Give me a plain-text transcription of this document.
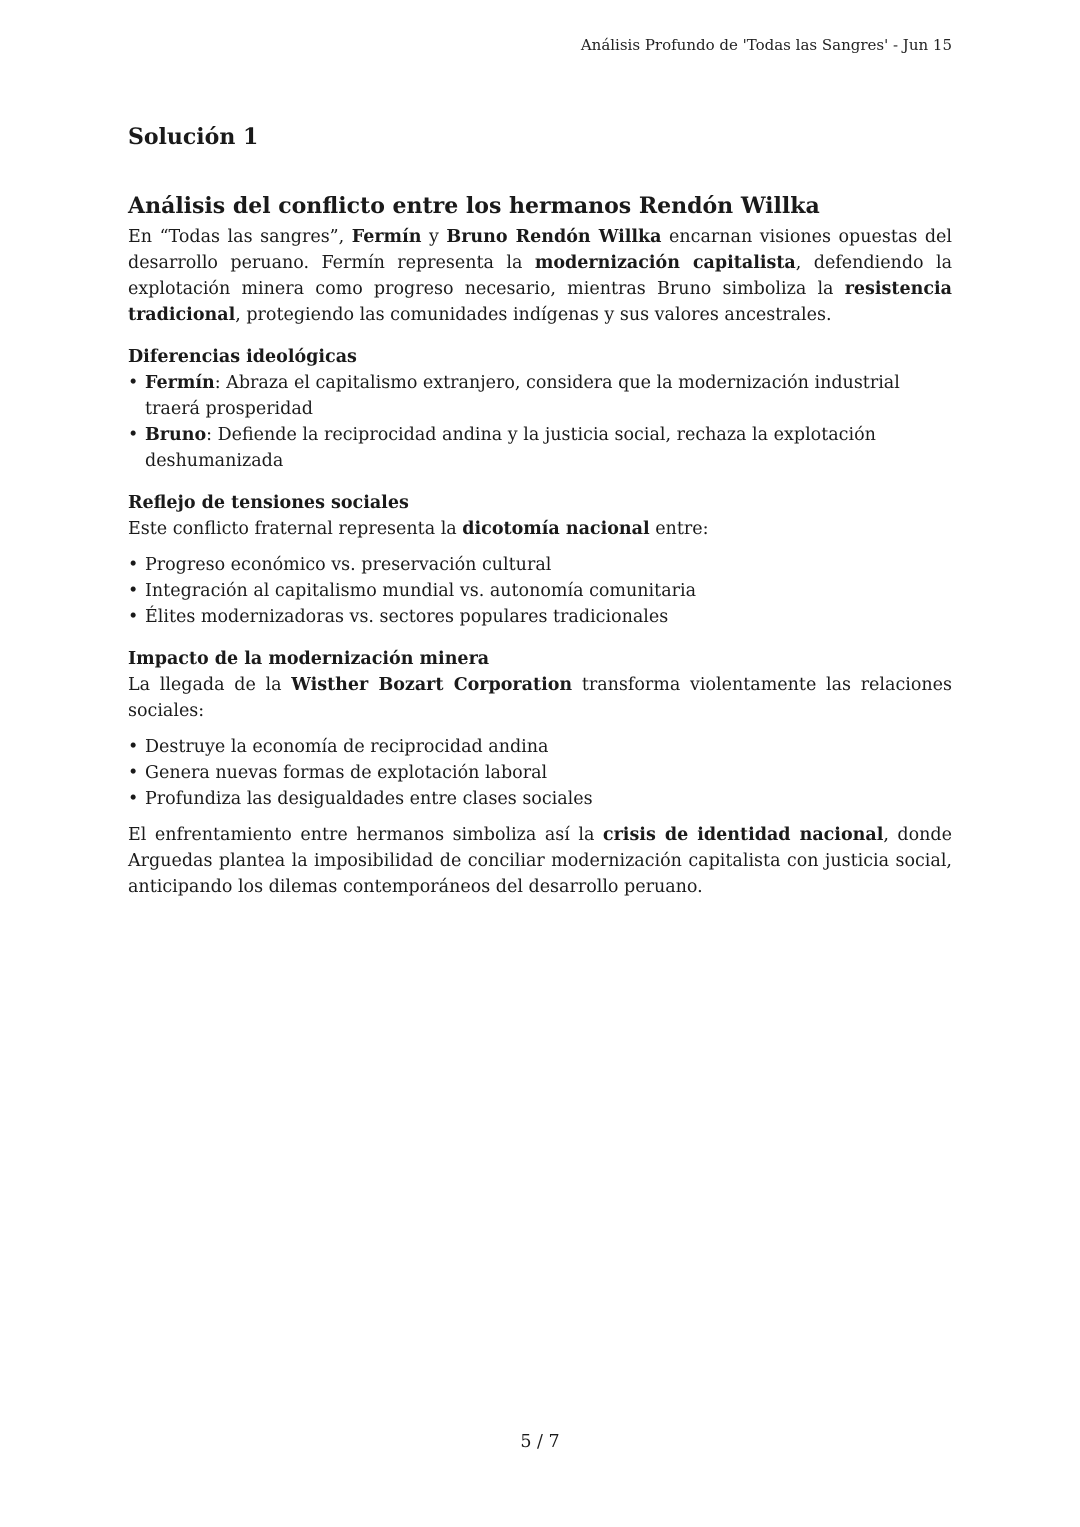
Análisis Profundo de 'Todas las Sangres' - Jun 15
Solución 1
Análisis del conflicto entre los hermanos Rendón Willka

En “Todas las sangres”, Fermín y Bruno Rendón Willka encarnan visiones opuestas del desarrollo peruano. Fermín representa la modernización capitalista, defendiendo la explotación minera como progreso necesario, mientras Bruno simboliza la resistencia tradicional, protegiendo las comunidades indígenas y sus valores ancestrales.

Diferencias ideológicas
• Fermín: Abraza el capitalismo extranjero, considera que la modernización industrial traerá prosperidad
• Bruno: Defiende la reciprocidad andina y la justicia social, rechaza la explotación deshumanizada
Reflejo de tensiones sociales

Este conflicto fraternal representa la dicotomía nacional entre:

• Progreso económico vs. preservación cultural
• Integración al capitalismo mundial vs. autonomía comunitaria
• Élites modernizadoras vs. sectores populares tradicionales
Impacto de la modernización minera

La llegada de la Wisther Bozart Corporation transforma violentamente las relaciones sociales:

• Destruye la economía de reciprocidad andina
• Genera nuevas formas de explotación laboral
• Profundiza las desigualdades entre clases sociales

El enfrentamiento entre hermanos simboliza así la crisis de identidad nacional, donde Arguedas plantea la imposibilidad de conciliar modernización capitalista con justicia social, anticipando los dilemas contemporáneos del desarrollo peruano.

5 / 7
